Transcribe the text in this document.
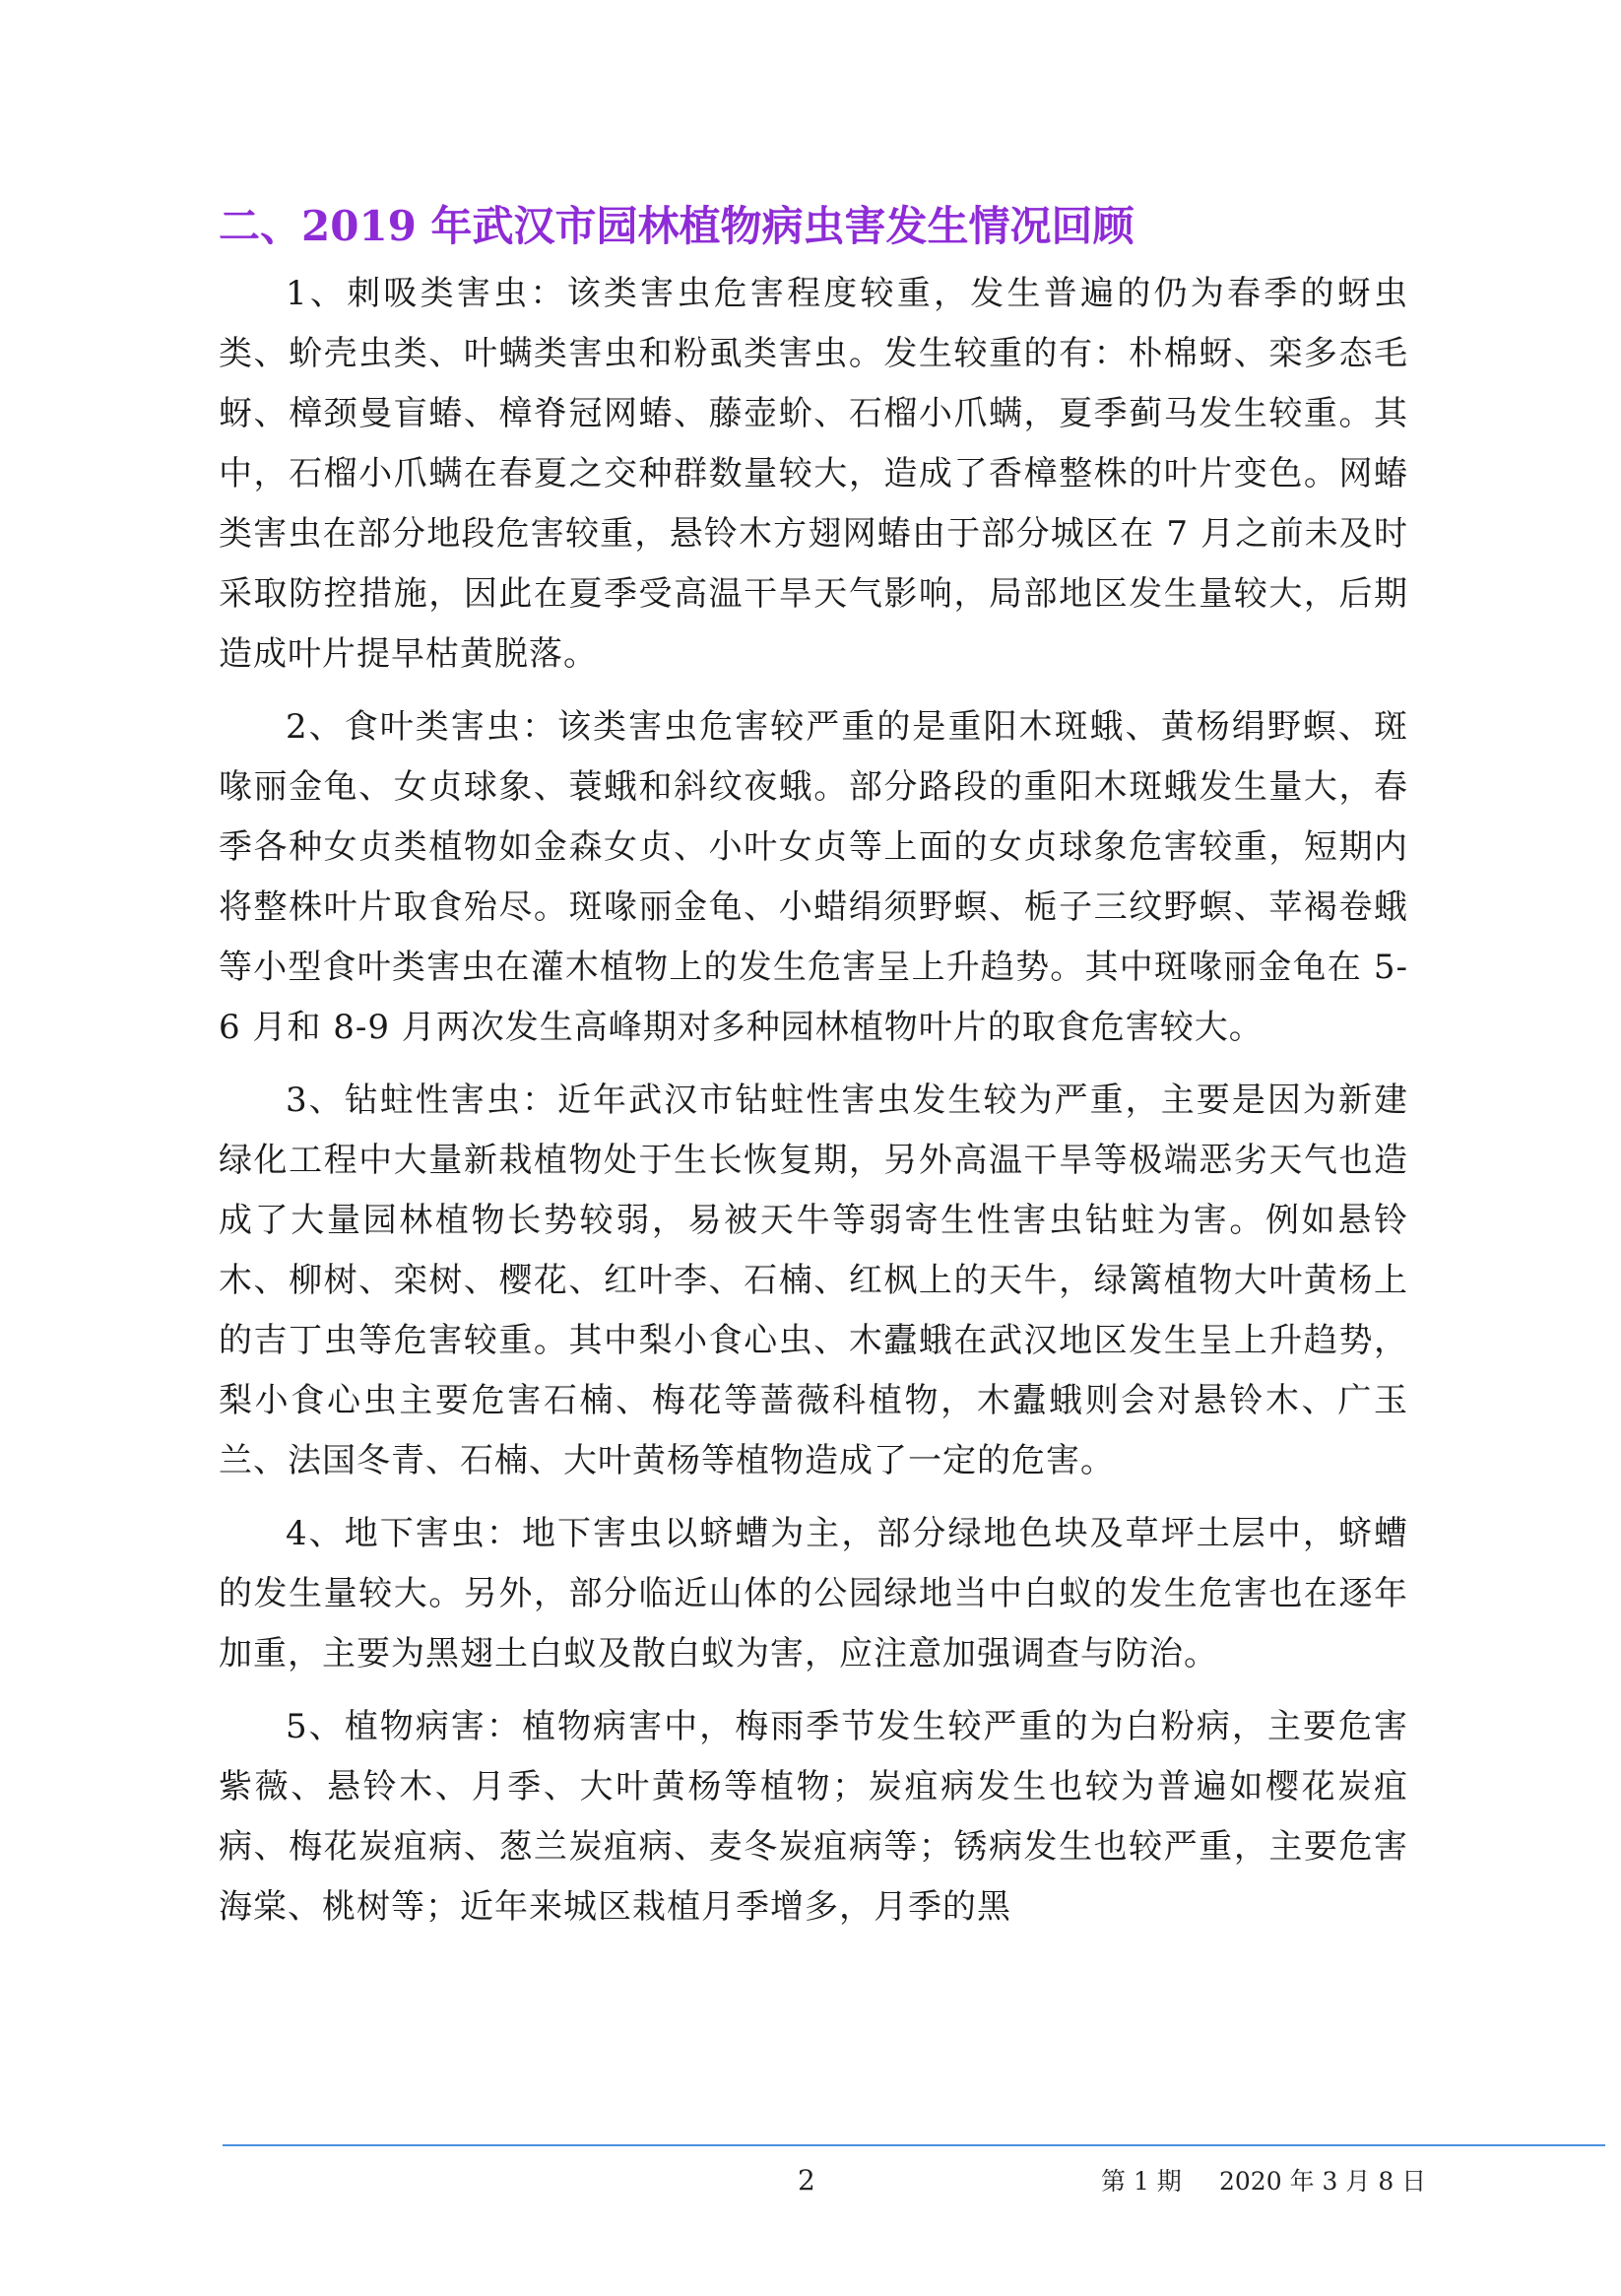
二、2019 年武汉市园林植物病虫害发生情况回顾

1、刺吸类害虫：该类害虫危害程度较重，发生普遍的仍为春季的蚜虫类、蚧壳虫类、叶螨类害虫和粉虱类害虫。发生较重的有：朴棉蚜、栾多态毛蚜、樟颈曼盲蝽、樟脊冠网蝽、藤壶蚧、石榴小爪螨，夏季蓟马发生较重。其中，石榴小爪螨在春夏之交种群数量较大，造成了香樟整株的叶片变色。网蝽类害虫在部分地段危害较重，悬铃木方翅网蝽由于部分城区在 7 月之前未及时采取防控措施，因此在夏季受高温干旱天气影响，局部地区发生量较大，后期造成叶片提早枯黄脱落。

2、食叶类害虫：该类害虫危害较严重的是重阳木斑蛾、黄杨绢野螟、斑喙丽金龟、女贞球象、蓑蛾和斜纹夜蛾。部分路段的重阳木斑蛾发生量大，春季各种女贞类植物如金森女贞、小叶女贞等上面的女贞球象危害较重，短期内将整株叶片取食殆尽。斑喙丽金龟、小蜡绢须野螟、栀子三纹野螟、苹褐卷蛾等小型食叶类害虫在灌木植物上的发生危害呈上升趋势。其中斑喙丽金龟在 5-6 月和 8-9 月两次发生高峰期对多种园林植物叶片的取食危害较大。

3、钻蛀性害虫：近年武汉市钻蛀性害虫发生较为严重，主要是因为新建绿化工程中大量新栽植物处于生长恢复期，另外高温干旱等极端恶劣天气也造成了大量园林植物长势较弱，易被天牛等弱寄生性害虫钻蛀为害。例如悬铃木、柳树、栾树、樱花、红叶李、石楠、红枫上的天牛，绿篱植物大叶黄杨上的吉丁虫等危害较重。其中梨小食心虫、木蠹蛾在武汉地区发生呈上升趋势，梨小食心虫主要危害石楠、梅花等蔷薇科植物，木蠹蛾则会对悬铃木、广玉兰、法国冬青、石楠、大叶黄杨等植物造成了一定的危害。

4、地下害虫：地下害虫以蛴螬为主，部分绿地色块及草坪土层中，蛴螬的发生量较大。另外，部分临近山体的公园绿地当中白蚁的发生危害也在逐年加重，主要为黑翅土白蚁及散白蚁为害，应注意加强调查与防治。

5、植物病害：植物病害中，梅雨季节发生较严重的为白粉病，主要危害紫薇、悬铃木、月季、大叶黄杨等植物；炭疽病发生也较为普遍如樱花炭疽病、梅花炭疽病、葱兰炭疽病、麦冬炭疽病等；锈病发生也较严重，主要危害海棠、桃树等；近年来城区栽植月季增多，月季的黑

2	第 1 期 2020 年 3 月 8 日
